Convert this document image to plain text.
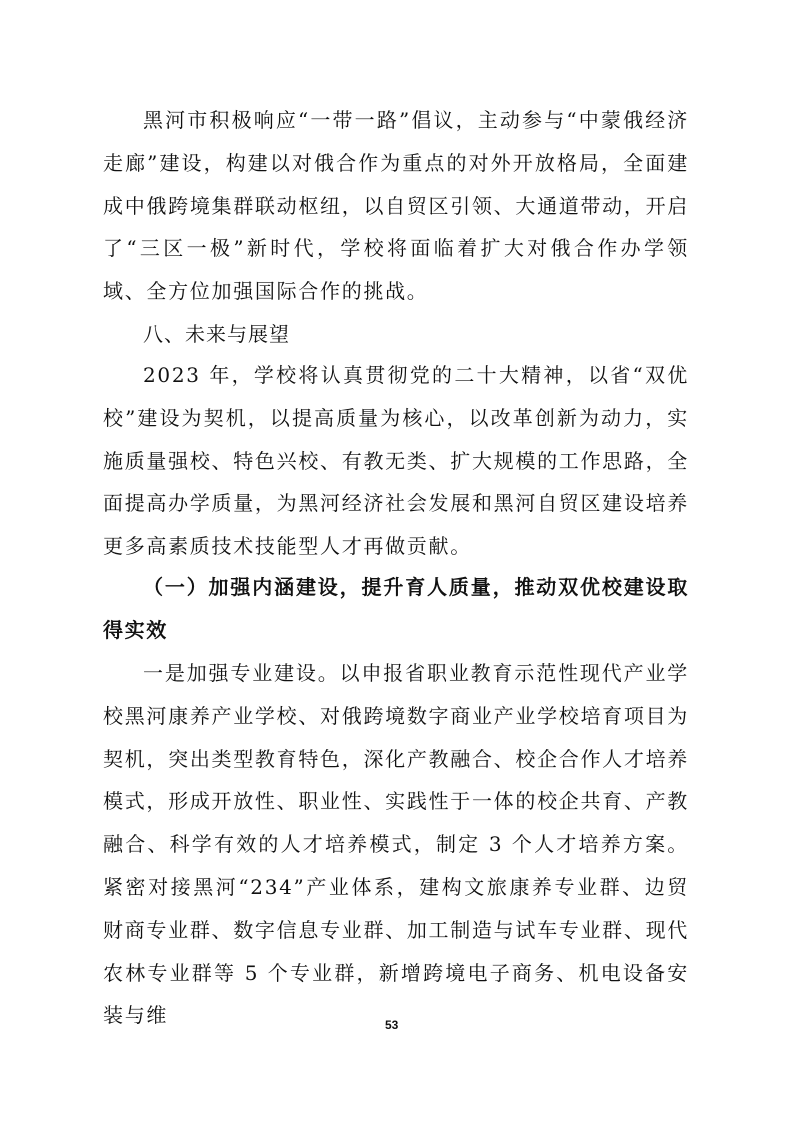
黑河市积极响应“一带一路”倡议，主动参与“中蒙俄经济走廊”建设，构建以对俄合作为重点的对外开放格局，全面建成中俄跨境集群联动枢纽，以自贸区引领、大通道带动，开启了“三区一极”新时代，学校将面临着扩大对俄合作办学领域、全方位加强国际合作的挑战。

八、未来与展望

2023 年，学校将认真贯彻党的二十大精神，以省“双优校”建设为契机，以提高质量为核心，以改革创新为动力，实施质量强校、特色兴校、有教无类、扩大规模的工作思路，全面提高办学质量，为黑河经济社会发展和黑河自贸区建设培养更多高素质技术技能型人才再做贡献。

（一）加强内涵建设，提升育人质量，推动双优校建设取得实效

一是加强专业建设。以申报省职业教育示范性现代产业学校黑河康养产业学校、对俄跨境数字商业产业学校培育项目为契机，突出类型教育特色，深化产教融合、校企合作人才培养模式，形成开放性、职业性、实践性于一体的校企共育、产教融合、科学有效的人才培养模式，制定 3 个人才培养方案。紧密对接黑河“234”产业体系，建构文旅康养专业群、边贸财商专业群、数字信息专业群、加工制造与试车专业群、现代农林专业群等 5 个专业群，新增跨境电子商务、机电设备安装与维	53
